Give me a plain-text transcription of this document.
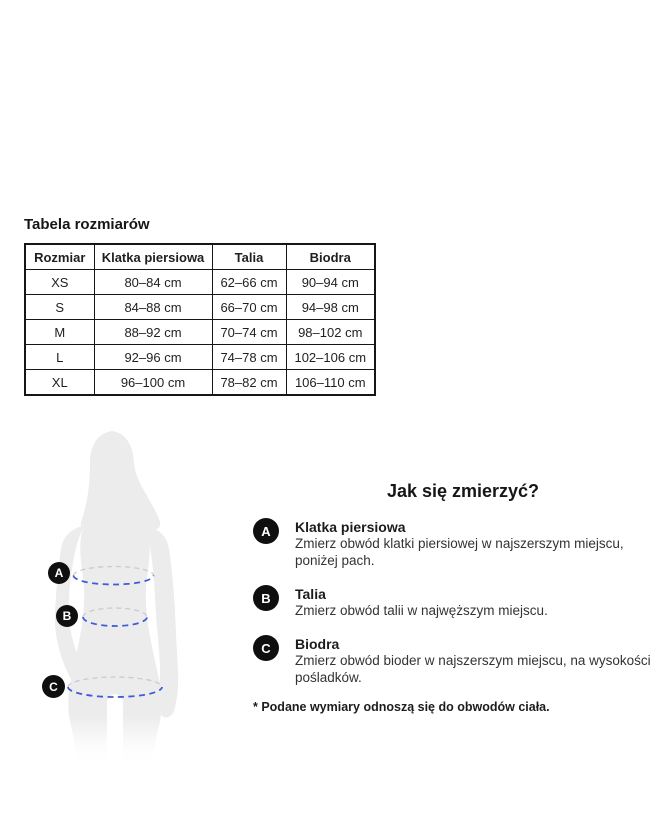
Tabela rozmiarów
Rozmiar	Klatka piersiowa	Talia	Biodra
XS	80–84 cm	62–66 cm	90–94 cm
S	84–88 cm	66–70 cm	94–98 cm
M	88–92 cm	70–74 cm	98–102 cm
L	92–96 cm	74–78 cm	102–106 cm
XL	96–100 cm	78–82 cm	106–110 cm
A
B
C
Jak się zmierzyć?
A	Klatka piersiowa
Zmierz obwód klatki piersiowej w najszerszym miejscu,
poniżej pach.
B	Talia
Zmierz obwód talii w najwęższym miejscu.
C	Biodra
Zmierz obwód bioder w najszerszym miejscu, na wysokości
pośladków.
* Podane wymiary odnoszą się do obwodów ciała.
